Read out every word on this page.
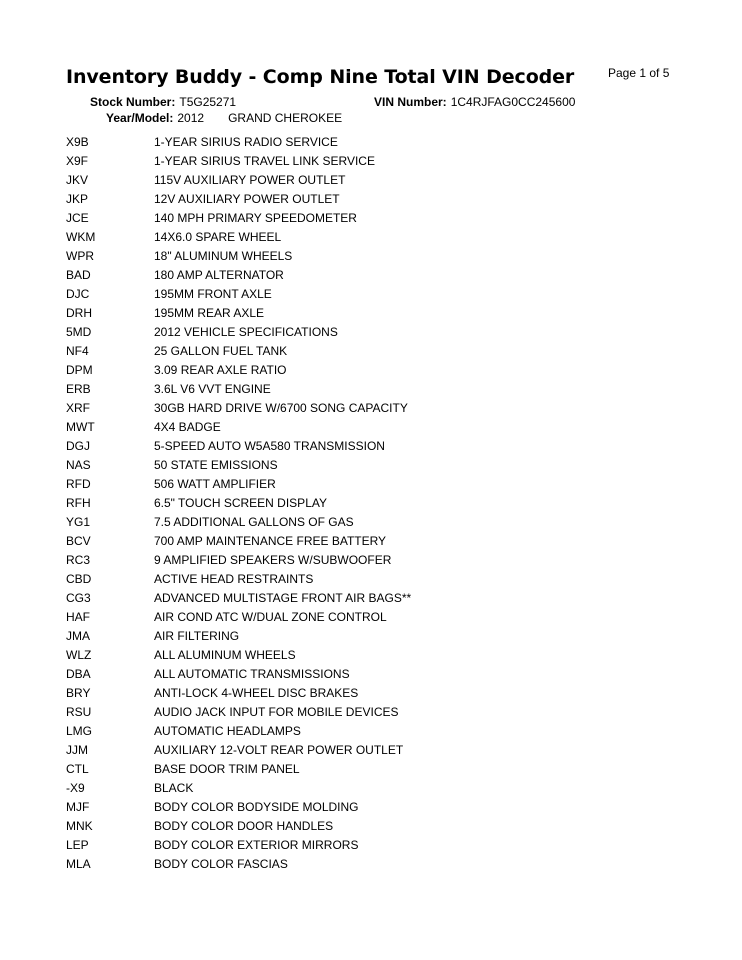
Inventory Buddy - Comp Nine Total VIN Decoder	Page 1 of 5
Stock Number: T5G25271	VIN Number: 1C4RJFAG0CC245600
Year/Model: 2012 GRAND CHEROKEE
X9B	1-YEAR SIRIUS RADIO SERVICE
X9F	1-YEAR SIRIUS TRAVEL LINK SERVICE
JKV	115V AUXILIARY POWER OUTLET
JKP	12V AUXILIARY POWER OUTLET
JCE	140 MPH PRIMARY SPEEDOMETER
WKM	14X6.0 SPARE WHEEL
WPR	18" ALUMINUM WHEELS
BAD	180 AMP ALTERNATOR
DJC	195MM FRONT AXLE
DRH	195MM REAR AXLE
5MD	2012 VEHICLE SPECIFICATIONS
NF4	25 GALLON FUEL TANK
DPM	3.09 REAR AXLE RATIO
ERB	3.6L V6 VVT ENGINE
XRF	30GB HARD DRIVE W/6700 SONG CAPACITY
MWT	4X4 BADGE
DGJ	5-SPEED AUTO W5A580 TRANSMISSION
NAS	50 STATE EMISSIONS
RFD	506 WATT AMPLIFIER
RFH	6.5" TOUCH SCREEN DISPLAY
YG1	7.5 ADDITIONAL GALLONS OF GAS
BCV	700 AMP MAINTENANCE FREE BATTERY
RC3	9 AMPLIFIED SPEAKERS W/SUBWOOFER
CBD	ACTIVE HEAD RESTRAINTS
CG3	ADVANCED MULTISTAGE FRONT AIR BAGS**
HAF	AIR COND ATC W/DUAL ZONE CONTROL
JMA	AIR FILTERING
WLZ	ALL ALUMINUM WHEELS
DBA	ALL AUTOMATIC TRANSMISSIONS
BRY	ANTI-LOCK 4-WHEEL DISC BRAKES
RSU	AUDIO JACK INPUT FOR MOBILE DEVICES
LMG	AUTOMATIC HEADLAMPS
JJM	AUXILIARY 12-VOLT REAR POWER OUTLET
CTL	BASE DOOR TRIM PANEL
-X9	BLACK
MJF	BODY COLOR BODYSIDE MOLDING
MNK	BODY COLOR DOOR HANDLES
LEP	BODY COLOR EXTERIOR MIRRORS
MLA	BODY COLOR FASCIAS
